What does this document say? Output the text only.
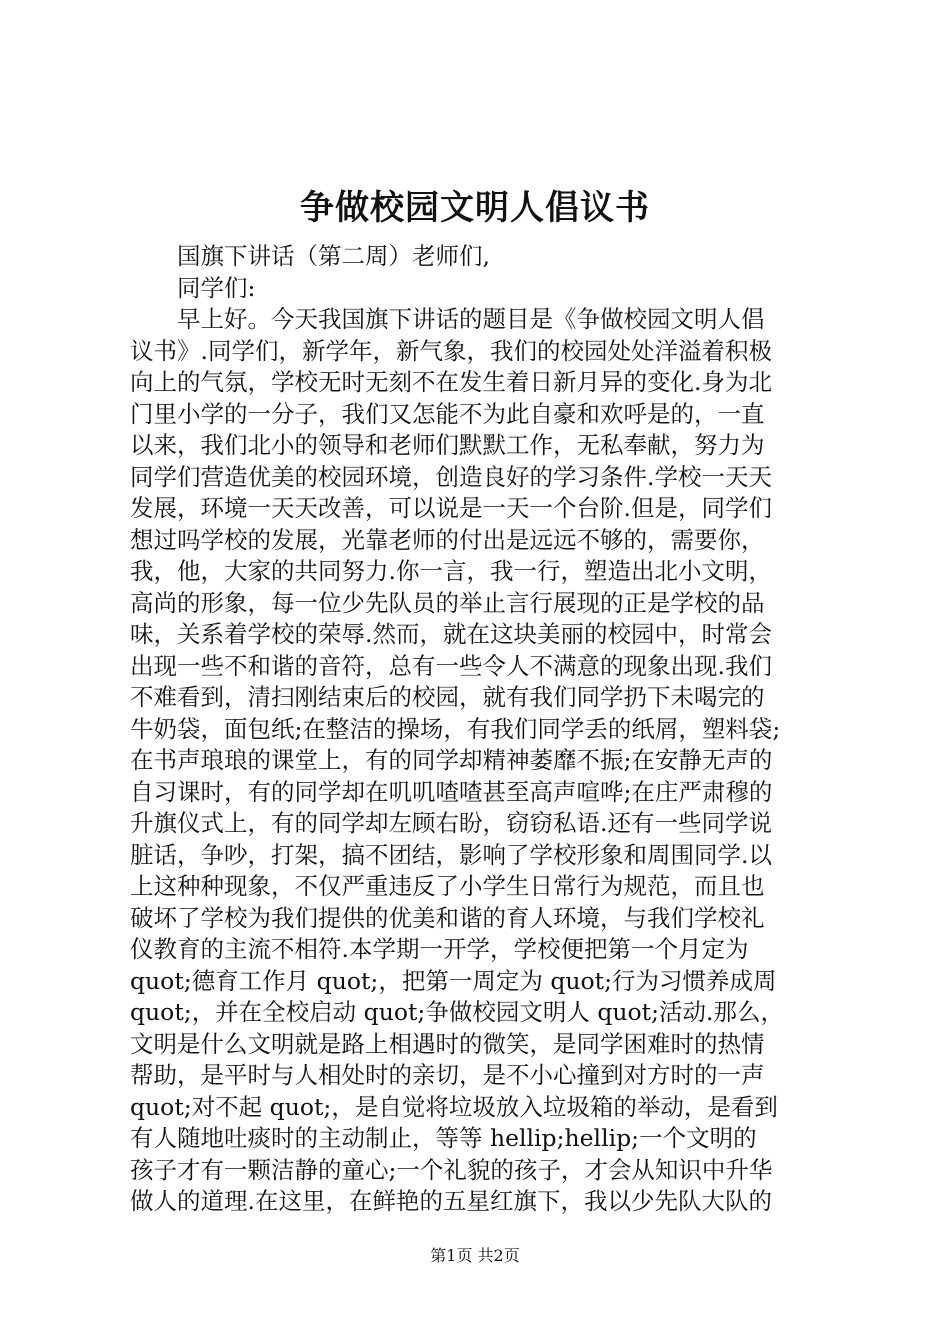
争做校园文明人倡议书
国旗下讲话（第二周）老师们,
同学们:
早上好。今天我国旗下讲话的题目是《争做校园文明人倡
议书》.同学们，新学年，新气象，我们的校园处处洋溢着积极
向上的气氛，学校无时无刻不在发生着日新月异的变化.身为北
门里小学的一分子，我们又怎能不为此自豪和欢呼是的，一直
以来，我们北小的领导和老师们默默工作，无私奉献，努力为
同学们营造优美的校园环境，创造良好的学习条件.学校一天天
发展，环境一天天改善，可以说是一天一个台阶.但是，同学们
想过吗学校的发展，光靠老师的付出是远远不够的，需要你，
我，他，大家的共同努力.你一言，我一行，塑造出北小文明，
高尚的形象，每一位少先队员的举止言行展现的正是学校的品
味，关系着学校的荣辱.然而，就在这块美丽的校园中，时常会
出现一些不和谐的音符，总有一些令人不满意的现象出现.我们
不难看到，清扫刚结束后的校园，就有我们同学扔下未喝完的
牛奶袋，面包纸;在整洁的操场，有我们同学丢的纸屑，塑料袋;
在书声琅琅的课堂上，有的同学却精神萎靡不振;在安静无声的
自习课时，有的同学却在叽叽喳喳甚至高声喧哗;在庄严肃穆的
升旗仪式上，有的同学却左顾右盼，窃窃私语.还有一些同学说
脏话，争吵，打架，搞不团结，影响了学校形象和周围同学.以
上这种种现象，不仅严重违反了小学生日常行为规范，而且也
破坏了学校为我们提供的优美和谐的育人环境，与我们学校礼
仪教育的主流不相符.本学期一开学，学校便把第一个月定为
quot;德育工作月 quot;，把第一周定为 quot;行为习惯养成周
quot;，并在全校启动 quot;争做校园文明人 quot;活动.那么，
文明是什么文明就是路上相遇时的微笑，是同学困难时的热情
帮助，是平时与人相处时的亲切，是不小心撞到对方时的一声
quot;对不起 quot;，是自觉将垃圾放入垃圾箱的举动，是看到
有人随地吐痰时的主动制止，等等 hellip;hellip;一个文明的
孩子才有一颗洁静的童心;一个礼貌的孩子，才会从知识中升华
做人的道理.在这里，在鲜艳的五星红旗下，我以少先队大队的
第1页 共2页
